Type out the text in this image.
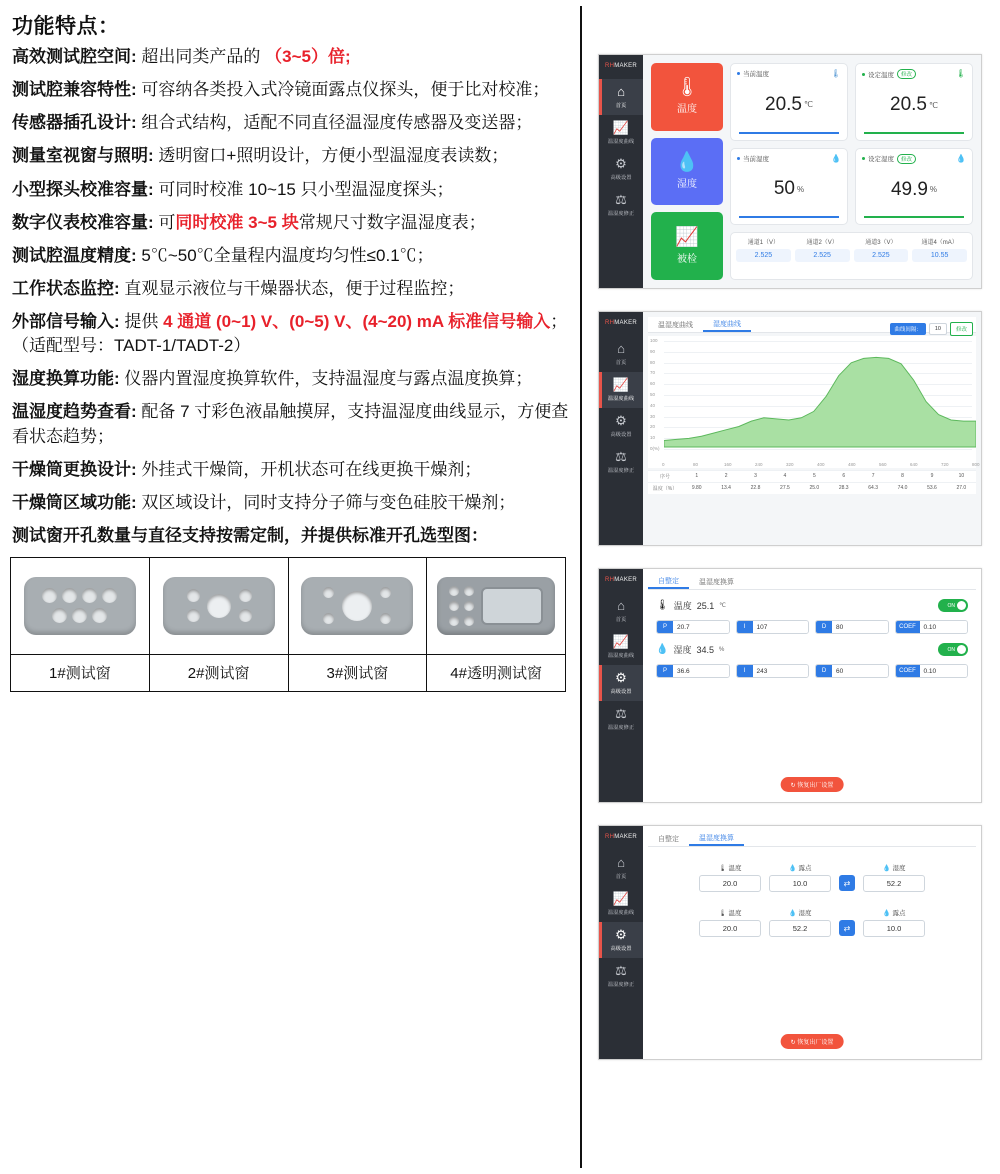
功能特点：

高效测试腔空间: 超出同类产品的 （3~5）倍;

测试腔兼容特性: 可容纳各类投入式冷镜面露点仪探头，便于比对校准；

传感器插孔设计: 组合式结构，适配不同直径温湿度传感器及变送器；

测量室视窗与照明: 透明窗口+照明设计，方便小型温湿度表读数；

小型探头校准容量: 可同时校准 10~15 只小型温湿度探头；

数字仪表校准容量: 可同时校准 3~5 块常规尺寸数字温湿度表；

测试腔温度精度: 5℃~50℃全量程内温度均匀性≤0.1℃；

工作状态监控: 直观显示液位与干燥器状态，便于过程监控；

外部信号输入: 提供 4 通道 (0~1) V、(0~5) V、(4~20) mA 标准信号输入；（适配型号：TADT-1/TADT-2）

湿度换算功能: 仪器内置湿度换算软件，支持温湿度与露点温度换算；

温湿度趋势查看: 配备 7 寸彩色液晶触摸屏，支持温湿度曲线显示，方便查看状态趋势；

干燥筒更换设计: 外挂式干燥筒，开机状态可在线更换干燥剂；

干燥筒区域功能: 双区域设计，同时支持分子筛与变色硅胶干燥剂；

测试窗开孔数量与直径支持按需定制，并提供标准开孔选型图：

1#测试窗	2#测试窗	3#测试窗	4#透明测试窗
RHMAKER
⌂
首页
📈
温湿度曲线
⚙
高级设置
⚖
温湿度修正
🌡
温度
💧
湿度
📈
被检
当前温度	🌡
20.5 ℃
设定温度	修改	🌡
20.5 ℃
当前湿度	💧
50 %
设定湿度	修改	💧
49.9 %
通道1（V）
2.525
通道2（V）
2.525
通道3（V）
2.525
通道4（mA）
10.55
RHMAKER
⌂
首页
📈
温湿度曲线
⚙
高级设置
⚖
温湿度修正
温湿度曲线	湿度曲线
曲线间隔：	10	修改
100
90
80
70
60
50
40
30
20
10
0(%)
0	80	160	240	320	400	480	560	640	720	800
序号	1	2	3	4	5	6	7	8	9	10
温度（%）	9.80	13.4	22.8	27.5	25.0	28.3	64.3	74.0	53.6	27.0
RHMAKER
⌂
首页
📈
温湿度曲线
⚙
高级设置
⚖
温湿度修正
自整定	温湿度换算
🌡 温度 25.1 ℃	ON
P	20.7	I	107	D	80	COEF	0.10
💧 湿度 34.5 %	ON
P	36.6	I	243	D	60	COEF	0.10
↻ 恢复出厂设置
RHMAKER
⌂
首页
📈
温湿度曲线
⚙
高级设置
⚖
温湿度修正
自整定	温湿度换算
🌡 温度
20.0
💧 露点
10.0	⇄
💧 湿度
52.2
🌡 温度
20.0
💧 湿度
52.2	⇄
💧 露点
10.0
↻ 恢复出厂设置
